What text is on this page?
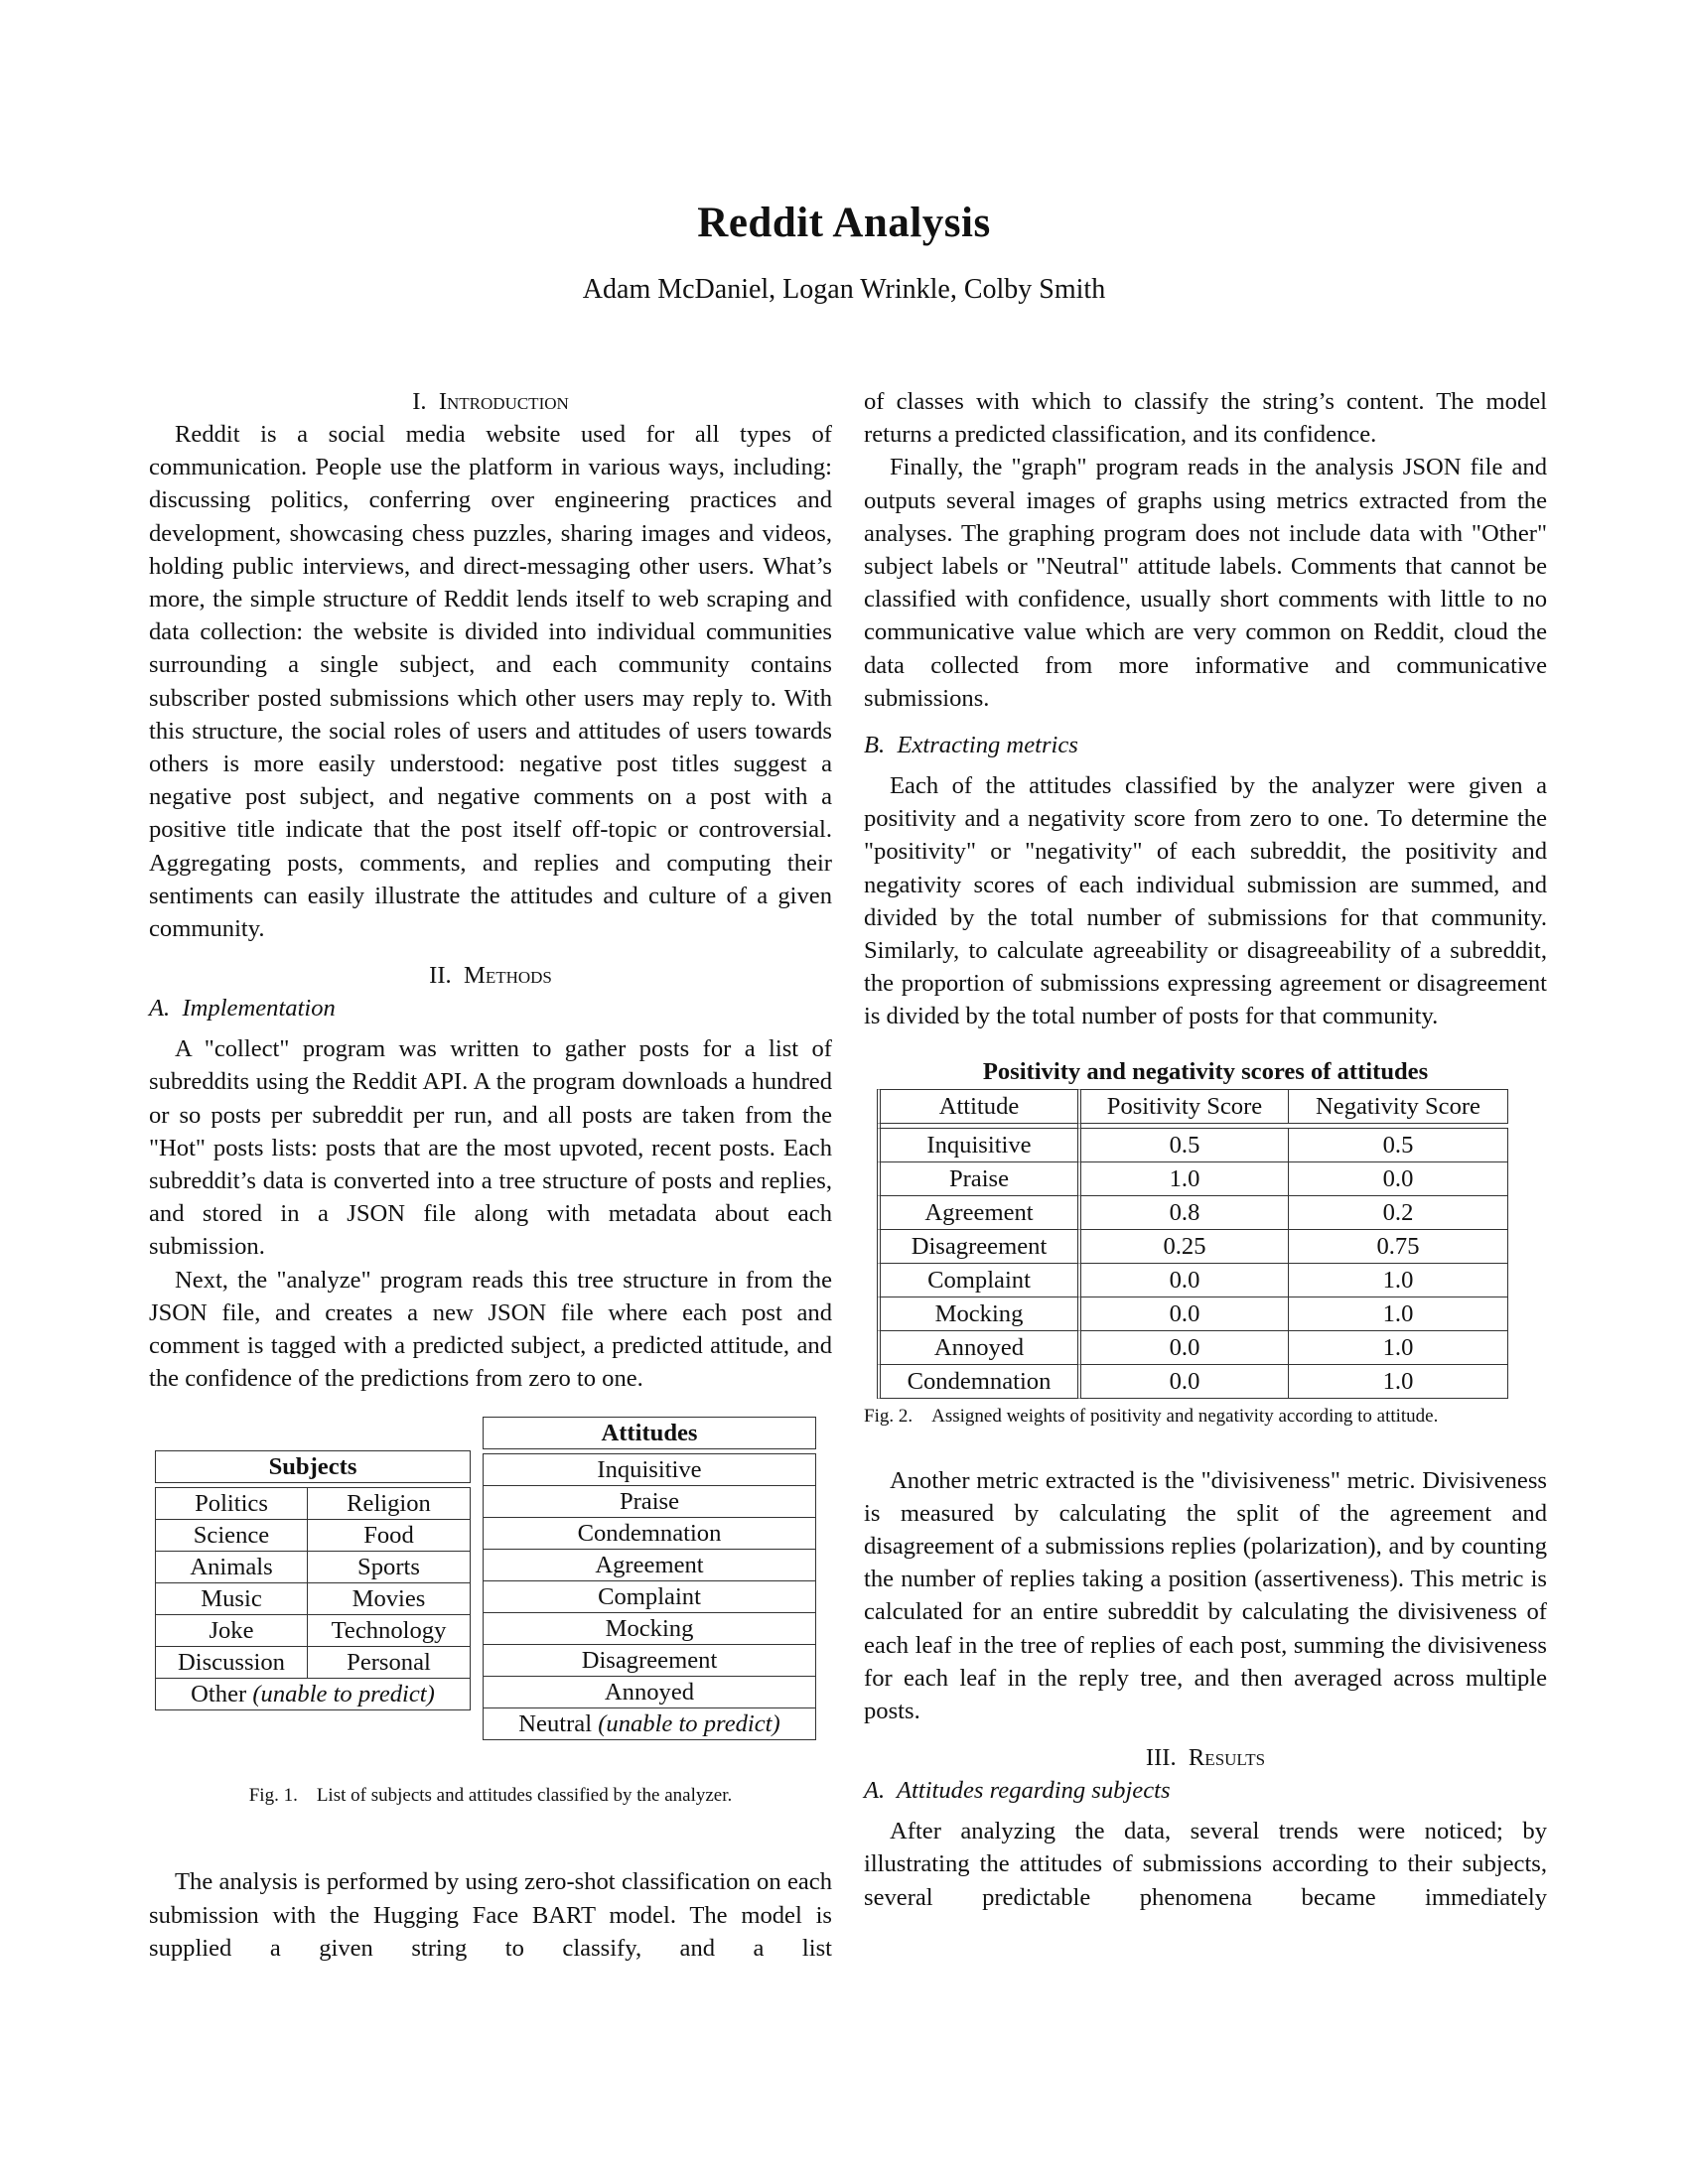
Reddit Analysis
Adam McDaniel, Logan Wrinkle, Colby Smith
I. Introduction

Reddit is a social media website used for all types of communication. People use the platform in various ways, including: discussing politics, conferring over engineering practices and development, showcasing chess puzzles, sharing images and videos, holding public interviews, and direct-messaging other users. What’s more, the simple structure of Reddit lends itself to web scraping and data collection: the website is divided into individual communities surrounding a single subject, and each community contains subscriber posted submissions which other users may reply to. With this structure, the social roles of users and attitudes of users towards others is more easily understood: negative post titles suggest a negative post subject, and negative comments on a post with a positive title indicate that the post itself off-topic or controversial. Aggregating posts, comments, and replies and computing their sentiments can easily illustrate the attitudes and culture of a given community.

II. Methods
A. Implementation

A "collect" program was written to gather posts for a list of subreddits using the Reddit API. A the program downloads a hundred or so posts per subreddit per run, and all posts are taken from the "Hot" posts lists: posts that are the most upvoted, recent posts. Each subreddit’s data is converted into a tree structure of posts and replies, and stored in a JSON file along with metadata about each submission.

Next, the "analyze" program reads this tree structure in from the JSON file, and creates a new JSON file where each post and comment is tagged with a predicted subject, a predicted attitude, and the confidence of the predictions from zero to one.

Subjects	

Politics	Religion
Science	Food
Animals	Sports
Music	Movies
Joke	Technology
Discussion	Personal
Other (unable to predict)	
Attitudes

Inquisitive
Praise
Condemnation
Agreement
Complaint
Mocking
Disagreement
Annoyed
Neutral (unable to predict)
Fig. 1. List of subjects and attitudes classified by the analyzer.

The analysis is performed by using zero-shot classification on each submission with the Hugging Face BART model. The model is supplied a given string to classify, and a list

of classes with which to classify the string’s content. The model returns a predicted classification, and its confidence.

Finally, the "graph" program reads in the analysis JSON file and outputs several images of graphs using metrics extracted from the analyses. The graphing program does not include data with "Other" subject labels or "Neutral" attitude labels. Comments that cannot be classified with confidence, usually short comments with little to no communicative value which are very common on Reddit, cloud the data collected from more informative and communicative submissions.

B. Extracting metrics

Each of the attitudes classified by the analyzer were given a positivity and a negativity score from zero to one. To determine the "positivity" or "negativity" of each subreddit, the positivity and negativity scores of each individual submission are summed, and divided by the total number of submissions for that community. Similarly, to calculate agreeability or disagreeability of a subreddit, the proportion of submissions expressing agreement or disagreement is divided by the total number of posts for that community.

Positivity and negativity scores of attitudes
Attitude	Positivity Score	Negativity Score

Inquisitive	0.5	0.5
Praise	1.0	0.0
Agreement	0.8	0.2
Disagreement	0.25	0.75
Complaint	0.0	1.0
Mocking	0.0	1.0
Annoyed	0.0	1.0
Condemnation	0.0	1.0
Fig. 2. Assigned weights of positivity and negativity according to attitude.

Another metric extracted is the "divisiveness" metric. Divisiveness is measured by calculating the split of the agreement and disagreement of a submissions replies (polarization), and by counting the number of replies taking a position (assertiveness). This metric is calculated for an entire subreddit by calculating the divisiveness of each leaf in the tree of replies of each post, summing the divisiveness for each leaf in the reply tree, and then averaged across multiple posts.

III. Results
A. Attitudes regarding subjects

After analyzing the data, several trends were noticed; by illustrating the attitudes of submissions according to their subjects, several predictable phenomena became immediately
